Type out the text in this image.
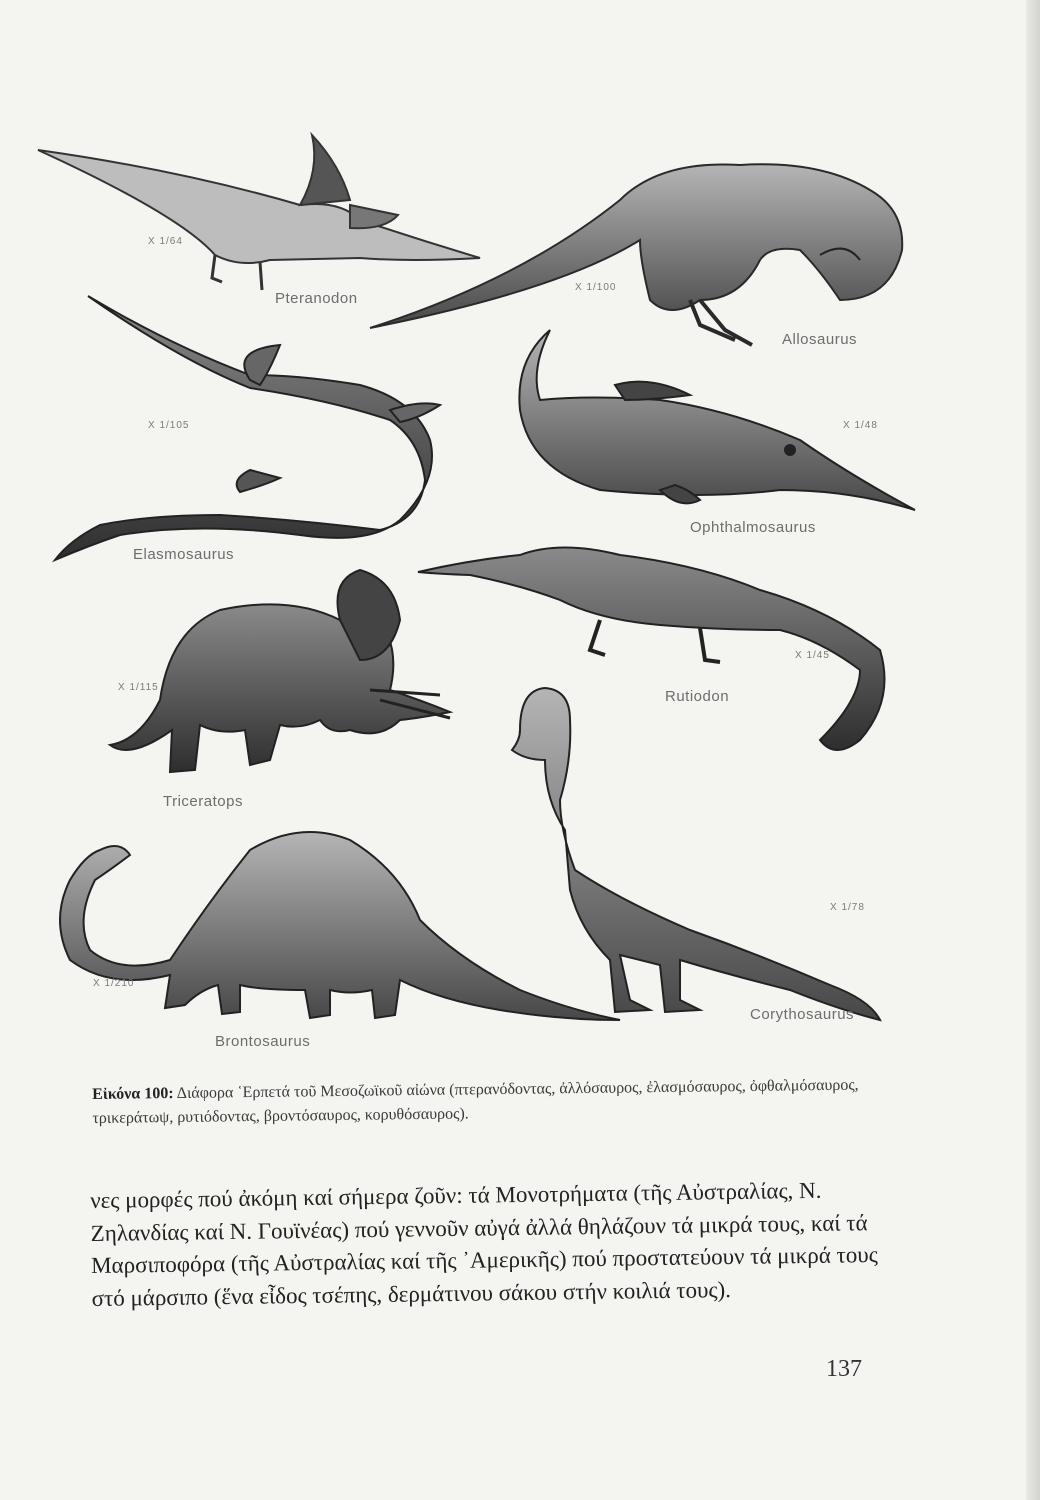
X 1/64
Pteranodon
X 1/100
Allosaurus
X 1/105
Elasmosaurus
X 1/48
Ophthalmosaurus
X 1/45
Rutiodon
X 1/115
Triceratops
X 1/78
Corythosaurus
X 1/210
Brontosaurus
Εἰκόνα 100: Διάφορα ῾Ερπετά τοῦ Μεσοζωϊκοῦ αἰώνα (πτερανόδοντας, ἀλλόσαυρος, ἐλασμόσαυρος, ὀφθαλμόσαυρος, τρικεράτωψ, ρυτιόδοντας, βροντόσαυρος, κορυθόσαυρος).

νες μορφές πού ἀκόμη καί σήμερα ζοῦν: τά Μονοτρήματα (τῆς Αὐστραλίας, Ν. Ζηλανδίας καί Ν. Γουϊνέας) πού γεννοῦν αὐγά ἀλλά θηλάζουν τά μικρά τους, καί τά Μαρσιποφόρα (τῆς Αὐστραλίας καί τῆς ᾽Αμερικῆς) πού προστατεύουν τά μικρά τους στό μάρσιπο (ἕνα εἶδος τσέπης, δερμάτινου σάκου στήν κοιλιά τους).

137
